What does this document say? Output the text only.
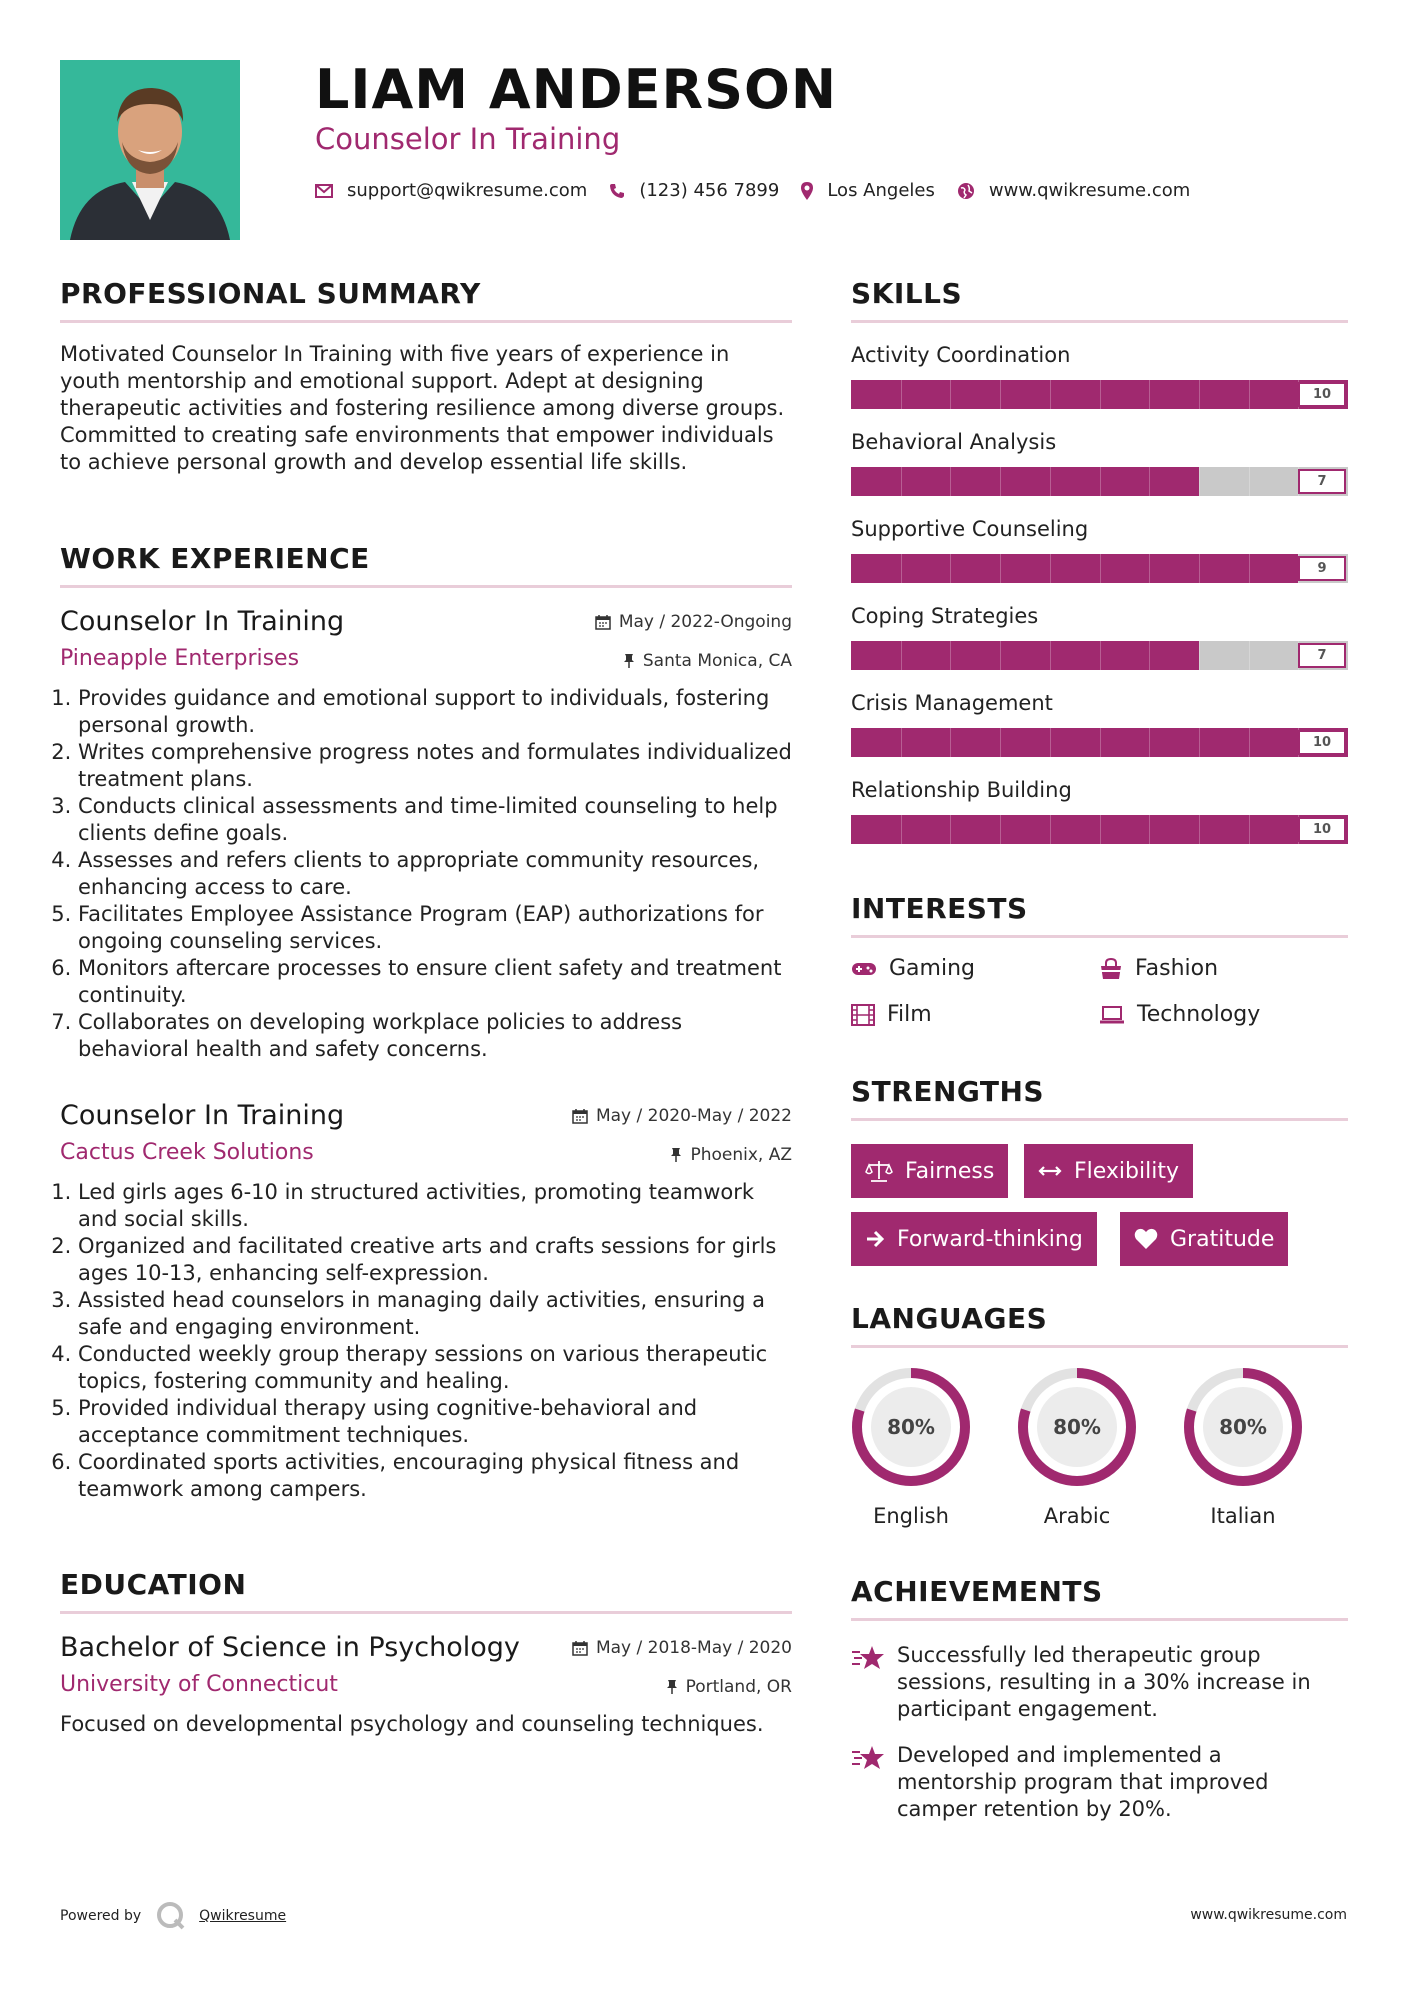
LIAM ANDERSON
Counselor In Training
support@qwikresume.com	(123) 456 7899	Los Angeles	www.qwikresume.com
PROFESSIONAL SUMMARY
Motivated Counselor In Training with five years of experience in youth mentorship and emotional support. Adept at designing therapeutic activities and fostering resilience among diverse groups. Committed to creating safe environments that empower individuals to achieve personal growth and develop essential life skills.
WORK EXPERIENCE
Counselor In Training
Pineapple Enterprises
May / 2022-Ongoing
Santa Monica, CA
1. Provides guidance and emotional support to individuals, fostering personal growth.
2. Writes comprehensive progress notes and formulates individualized treatment plans.
3. Conducts clinical assessments and time-limited counseling to help clients define goals.
4. Assesses and refers clients to appropriate community resources, enhancing access to care.
5. Facilitates Employee Assistance Program (EAP) authorizations for ongoing counseling services.
6. Monitors aftercare processes to ensure client safety and treatment continuity.
7. Collaborates on developing workplace policies to address behavioral health and safety concerns.
Counselor In Training
Cactus Creek Solutions
May / 2020-May / 2022
Phoenix, AZ
1. Led girls ages 6-10 in structured activities, promoting teamwork and social skills.
2. Organized and facilitated creative arts and crafts sessions for girls ages 10-13, enhancing self-expression.
3. Assisted head counselors in managing daily activities, ensuring a safe and engaging environment.
4. Conducted weekly group therapy sessions on various therapeutic topics, fostering community and healing.
5. Provided individual therapy using cognitive-behavioral and acceptance commitment techniques.
6. Coordinated sports activities, encouraging physical fitness and teamwork among campers.
EDUCATION
Bachelor of Science in Psychology
University of Connecticut
May / 2018-May / 2020
Portland, OR
Focused on developmental psychology and counseling techniques.
SKILLS
Activity Coordination
10
Behavioral Analysis
7
Supportive Counseling
9
Coping Strategies
7
Crisis Management
10
Relationship Building
10
INTERESTS
Gaming	Fashion
Film	Technology
STRENGTHS
Fairness	Flexibility
Forward-thinking	Gratitude
LANGUAGES
80%
English
80%
Arabic
80%
Italian
ACHIEVEMENTS
Successfully led therapeutic group sessions, resulting in a 30% increase in participant engagement.
Developed and implemented a mentorship program that improved camper retention by 20%.
Powered by	Qwikresume	www.qwikresume.com
